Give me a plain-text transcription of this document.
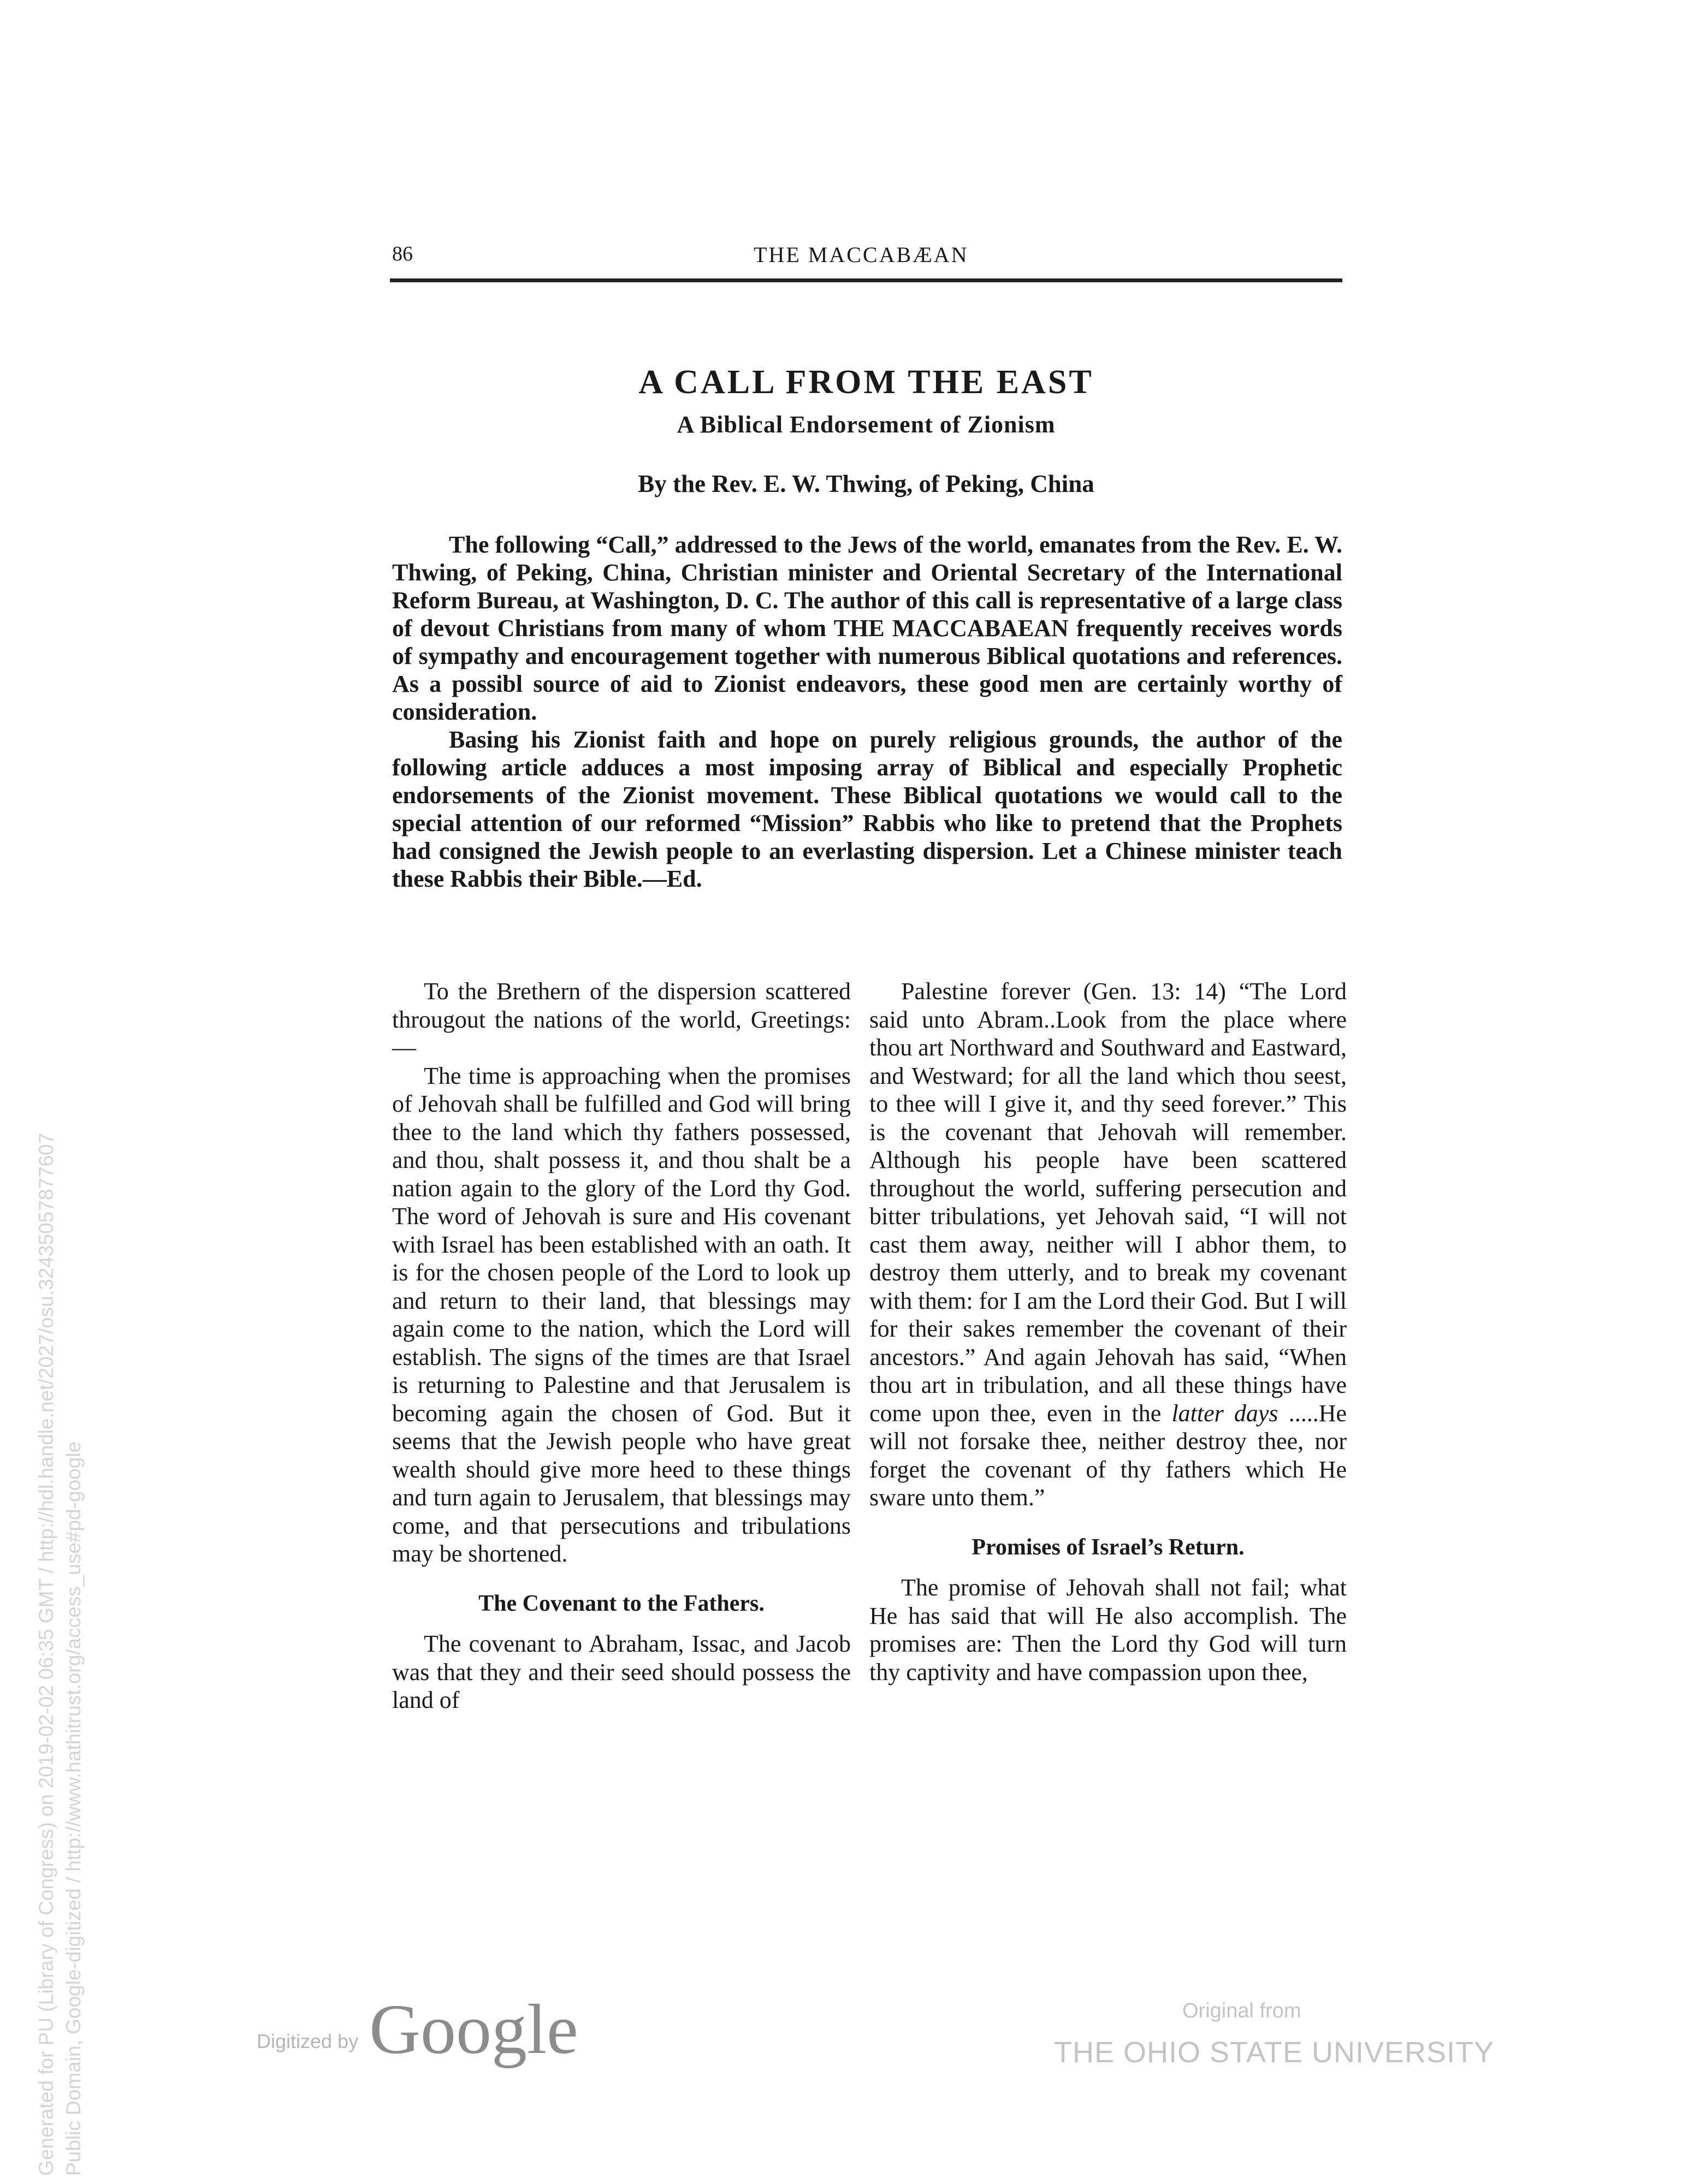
86	THE MACCABÆAN
A CALL FROM THE EAST
A Biblical Endorsement of Zionism
By the Rev. E. W. Thwing, of Peking, China

The following “Call,” addressed to the Jews of the world, emanates from the Rev. E. W. Thwing, of Peking, China, Christian minister and Oriental Secretary of the International Reform Bureau, at Washington, D. C. The author of this call is representative of a large class of devout Christians from many of whom THE MACCABAEAN frequently receives words of sympathy and encouragement together with numerous Biblical quotations and references. As a possibl source of aid to Zionist endeavors, these good men are certainly worthy of consideration.

Basing his Zionist faith and hope on purely religious grounds, the author of the following article adduces a most imposing array of Biblical and especially Prophetic endorsements of the Zionist movement. These Biblical quotations we would call to the special attention of our reformed “Mission” Rabbis who like to pretend that the Prophets had consigned the Jewish people to an everlasting dispersion. Let a Chinese minister teach these Rabbis their Bible.—Ed.

To the Brethern of the dispersion scattered througout the nations of the world, Greetings:—

The time is approaching when the promises of Jehovah shall be fulfilled and God will bring thee to the land which thy fathers possessed, and thou, shalt possess it, and thou shalt be a nation again to the glory of the Lord thy God. The word of Jehovah is sure and His covenant with Israel has been established with an oath. It is for the chosen people of the Lord to look up and return to their land, that blessings may again come to the nation, which the Lord will establish. The signs of the times are that Israel is returning to Palestine and that Jerusalem is becoming again the chosen of God. But it seems that the Jewish people who have great wealth should give more heed to these things and turn again to Jerusalem, that blessings may come, and that persecutions and tribulations may be shortened.

The Covenant to the Fathers.

The covenant to Abraham, Issac, and Jacob was that they and their seed should possess the land of

Palestine forever (Gen. 13: 14) “The Lord said unto Abram..Look from the place where thou art Northward and Southward and Eastward, and Westward; for all the land which thou seest, to thee will I give it, and thy seed forever.” This is the covenant that Jehovah will remember. Although his people have been scattered throughout the world, suffering persecution and bitter tribulations, yet Jehovah said, “I will not cast them away, neither will I abhor them, to destroy them utterly, and to break my covenant with them: for I am the Lord their God. But I will for their sakes remember the covenant of their ancestors.” And again Jehovah has said, “When thou art in tribulation, and all these things have come upon thee, even in the latter days .....He will not forsake thee, neither destroy thee, nor forget the covenant of thy fathers which He sware unto them.”

Promises of Israel’s Return.

The promise of Jehovah shall not fail; what He has said that will He also accomplish. The promises are: Then the Lord thy God will turn thy captivity and have compassion upon thee,

Generated for PU (Library of Congress) on 2019-02-02 06:35 GMT / http://hdl.handle.net/2027/osu.32435057877607 Public Domain, Google-digitized / http://www.hathitrust.org/access_use#pd-google	Digitized by Google	Original from
THE OHIO STATE UNIVERSITY
